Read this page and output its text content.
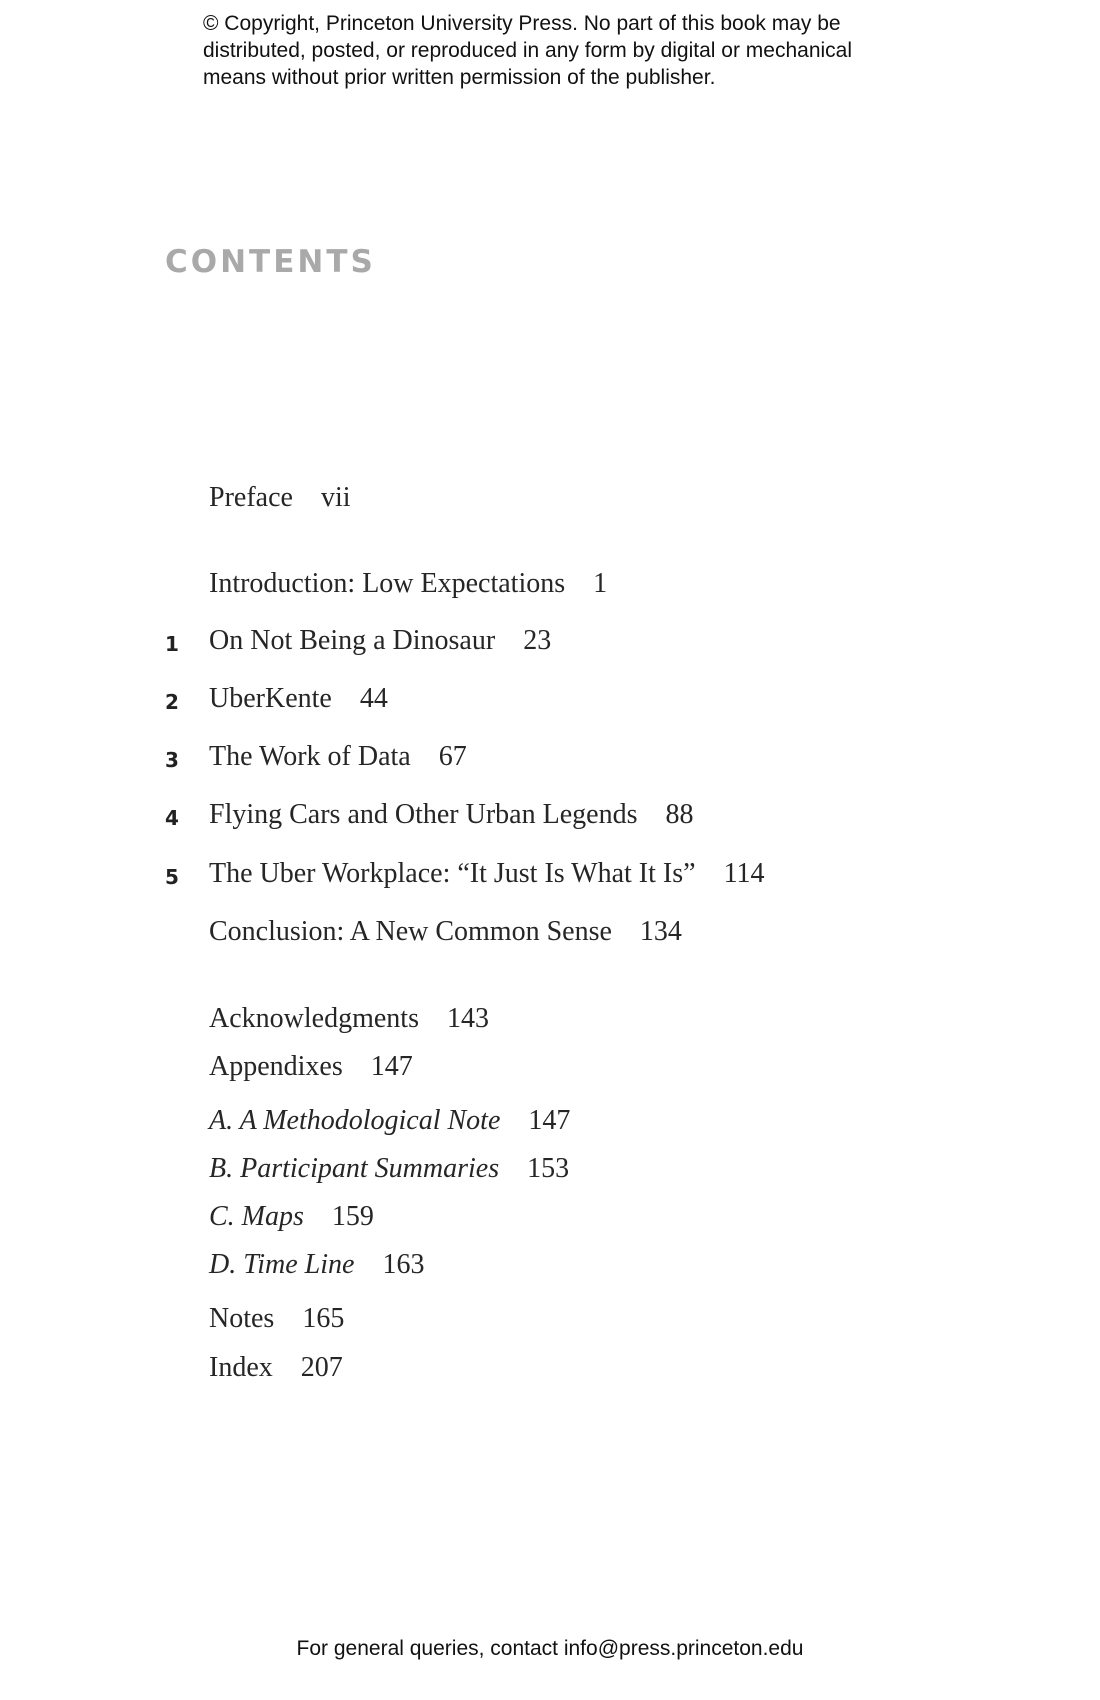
© Copyright, Princeton University Press. No part of this book may be
distributed, posted, or reproduced in any form by digital or mechanical
means without prior written permission of the publisher.
CONTENTS
Preface vii
Introduction: Low Expectations 1
1 On Not Being a Dinosaur 23
2 UberKente 44
3 The Work of Data 67
4 Flying Cars and Other Urban Legends 88
5 The Uber Workplace: “It Just Is What It Is” 114
Conclusion: A New Common Sense 134
Acknowledgments 143
Appendixes 147
A. A Methodological Note 147
B. Participant Summaries 153
C. Maps 159
D. Time Line 163
Notes 165
Index 207
For general queries, contact info@press.princeton.edu
